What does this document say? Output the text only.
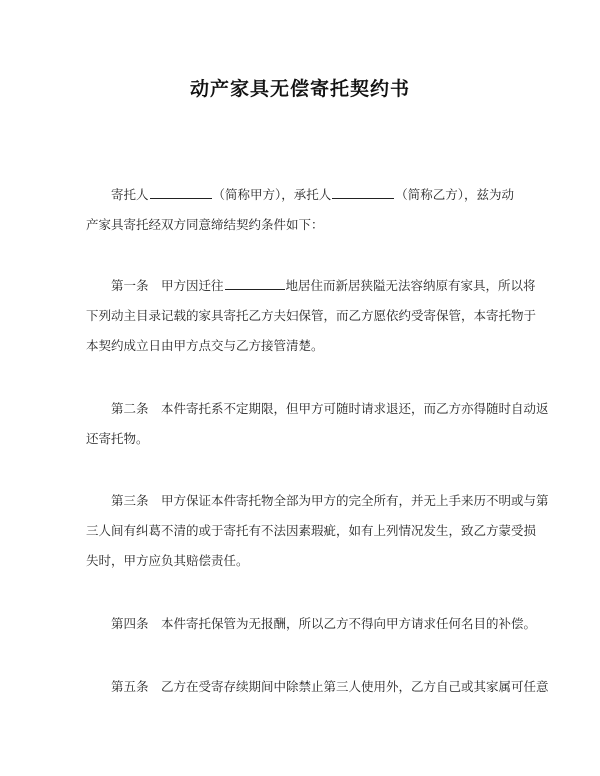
动产家具无偿寄托契约书
寄托人	（简称甲方），承托人	（简称乙方），兹为动
产家具寄托经双方同意缔结契约条件如下：
第一条　甲方因迁往	地居住而新居狭隘无法容纳原有家具，所以将
下列动主目录记载的家具寄托乙方夫妇保管，而乙方愿依约受寄保管，本寄托物于
本契约成立日由甲方点交与乙方接管清楚。
第二条　本件寄托系不定期限，但甲方可随时请求退还，而乙方亦得随时自动返
还寄托物。
第三条　甲方保证本件寄托物全部为甲方的完全所有，并无上手来历不明或与第
三人间有纠葛不清的或于寄托有不法因素瑕疵，如有上列情况发生，致乙方蒙受损
失时，甲方应负其赔偿责任。
第四条　本件寄托保管为无报酬，所以乙方不得向甲方请求任何名目的补偿。
第五条　乙方在受寄存续期间中除禁止第三人使用外，乙方自己或其家属可任意
